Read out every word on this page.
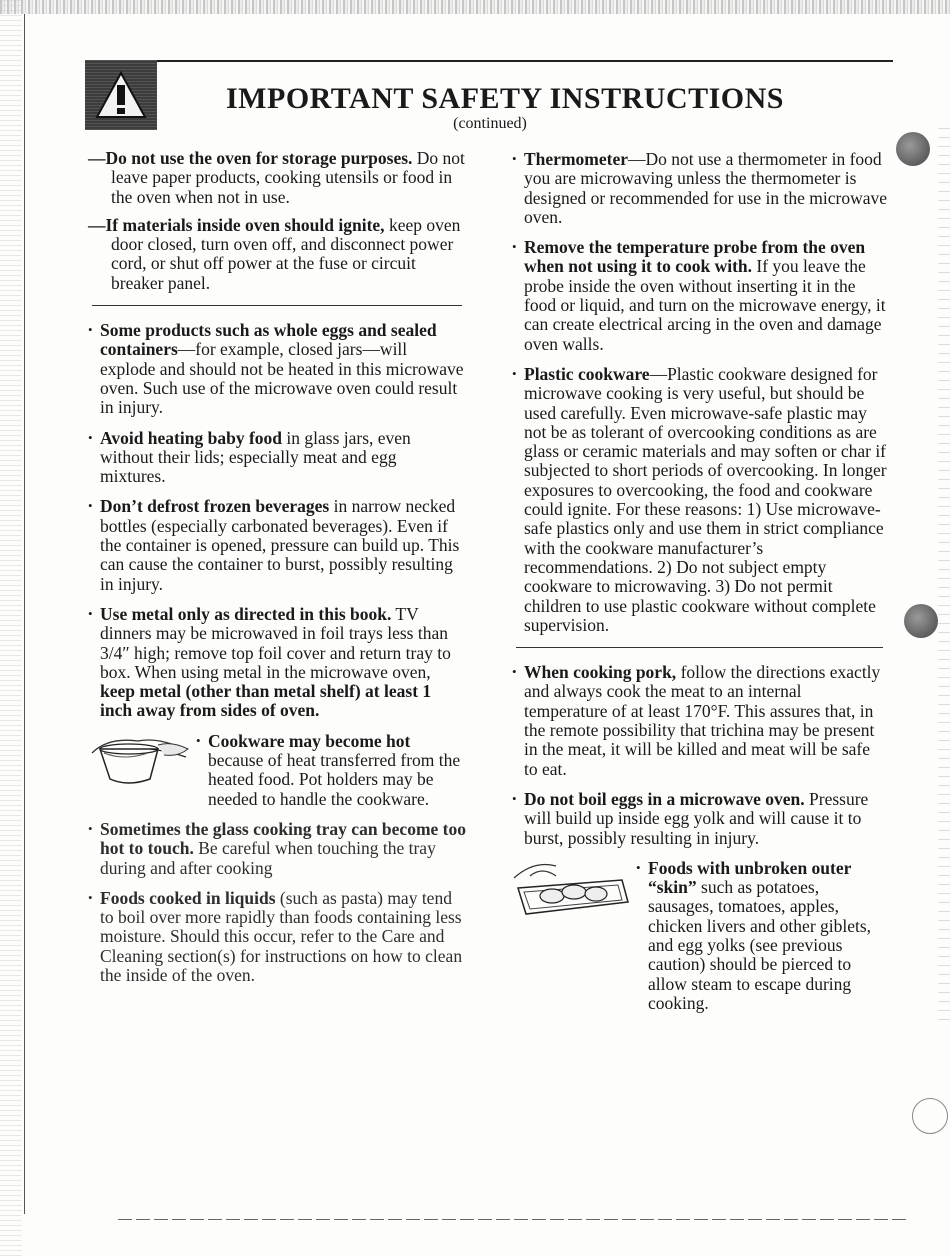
IMPORTANT SAFETY INSTRUCTIONS
(continued)

—Do not use the oven for storage purposes. Do not leave paper products, cooking utensils or food in the oven when not in use.

—If materials inside oven should ignite, keep oven door closed, turn oven off, and disconnect power cord, or shut off power at the fuse or circuit breaker panel.

• Some products such as whole eggs and sealed containers—for example, closed jars—will explode and should not be heated in this microwave oven. Such use of the microwave oven could result in injury.

• Avoid heating baby food in glass jars, even without their lids; especially meat and egg mixtures.

• Don’t defrost frozen beverages in narrow necked bottles (especially carbonated beverages). Even if the container is opened, pressure can build up. This can cause the container to burst, possibly resulting in injury.

• Use metal only as directed in this book. TV dinners may be microwaved in foil trays less than 3/4″ high; remove top foil cover and return tray to box. When using metal in the microwave oven, keep metal (other than metal shelf) at least 1 inch away from sides of oven.

• Cookware may become hot because of heat transferred from the heated food. Pot holders may be needed to handle the cookware.

• Sometimes the glass cooking tray can become too hot to touch. Be careful when touching the tray during and after cooking

• Foods cooked in liquids (such as pasta) may tend to boil over more rapidly than foods containing less moisture. Should this occur, refer to the Care and Cleaning section(s) for instructions on how to clean the inside of the oven.

• Thermometer—Do not use a thermometer in food you are microwaving unless the thermometer is designed or recommended for use in the microwave oven.

• Remove the temperature probe from the oven when not using it to cook with. If you leave the probe inside the oven without inserting it in the food or liquid, and turn on the microwave energy, it can create electrical arcing in the oven and damage oven walls.

• Plastic cookware—Plastic cookware designed for microwave cooking is very useful, but should be used carefully. Even microwave-safe plastic may not be as tolerant of overcooking conditions as are glass or ceramic materials and may soften or char if subjected to short periods of overcooking. In longer exposures to overcooking, the food and cookware could ignite. For these reasons: 1) Use microwave-safe plastics only and use them in strict compliance with the cookware manufacturer’s recommendations. 2) Do not subject empty cookware to microwaving. 3) Do not permit children to use plastic cookware without complete supervision.

• When cooking pork, follow the directions exactly and always cook the meat to an internal temperature of at least 170°F. This assures that, in the remote possibility that trichina may be present in the meat, it will be killed and meat will be safe to eat.

• Do not boil eggs in a microwave oven. Pressure will build up inside egg yolk and will cause it to burst, possibly resulting in injury.

• Foods with unbroken outer “skin” such as potatoes, sausages, tomatoes, apples, chicken livers and other giblets, and egg yolks (see previous caution) should be pierced to allow steam to escape during cooking.
